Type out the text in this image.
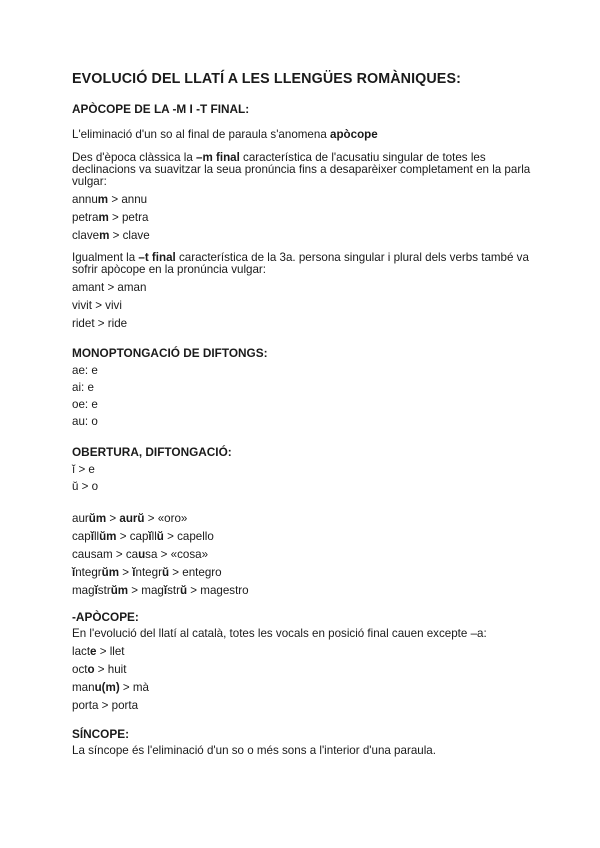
EVOLUCIÓ DEL LLATÍ A LES LLENGÜES ROMÀNIQUES:
APÒCOPE DE LA -M I -T FINAL:
L'eliminació d'un so al final de paraula s'anomena apòcope
Des d'època clàssica la –m final característica de l'acusatiu singular de totes les declinacions va suavitzar la seua pronúncia fins a desaparèixer completament en la parla vulgar:
annum > annu
petram > petra
clavem > clave
Igualment la –t final característica de la 3a. persona singular i plural dels verbs també va sofrir apòcope en la pronúncia vulgar:
amant > aman
vivit > vivi
ridet > ride
MONOPTONGACIÓ DE DIFTONGS:
ae: e
ai: e
oe: e
au: o
OBERTURA, DIFTONGACIÓ:
ĭ > e
ŭ > o
aurŭm > aurŭ > «oro»
capĭllŭm > capĭllŭ > capello
causam > causa > «cosa»
ĭntegrŭm > ĭntegrŭ > entegro
magĭstrŭm > magĭstrŭ > magestro
-APÒCOPE:
En l'evolució del llatí al català, totes les vocals en posició final cauen excepte –a:
lacte > llet
octo > huit
manu(m) > mà
porta > porta
SÍNCOPE:
La síncope és l'eliminació d'un so o més sons a l'interior d'una paraula.
